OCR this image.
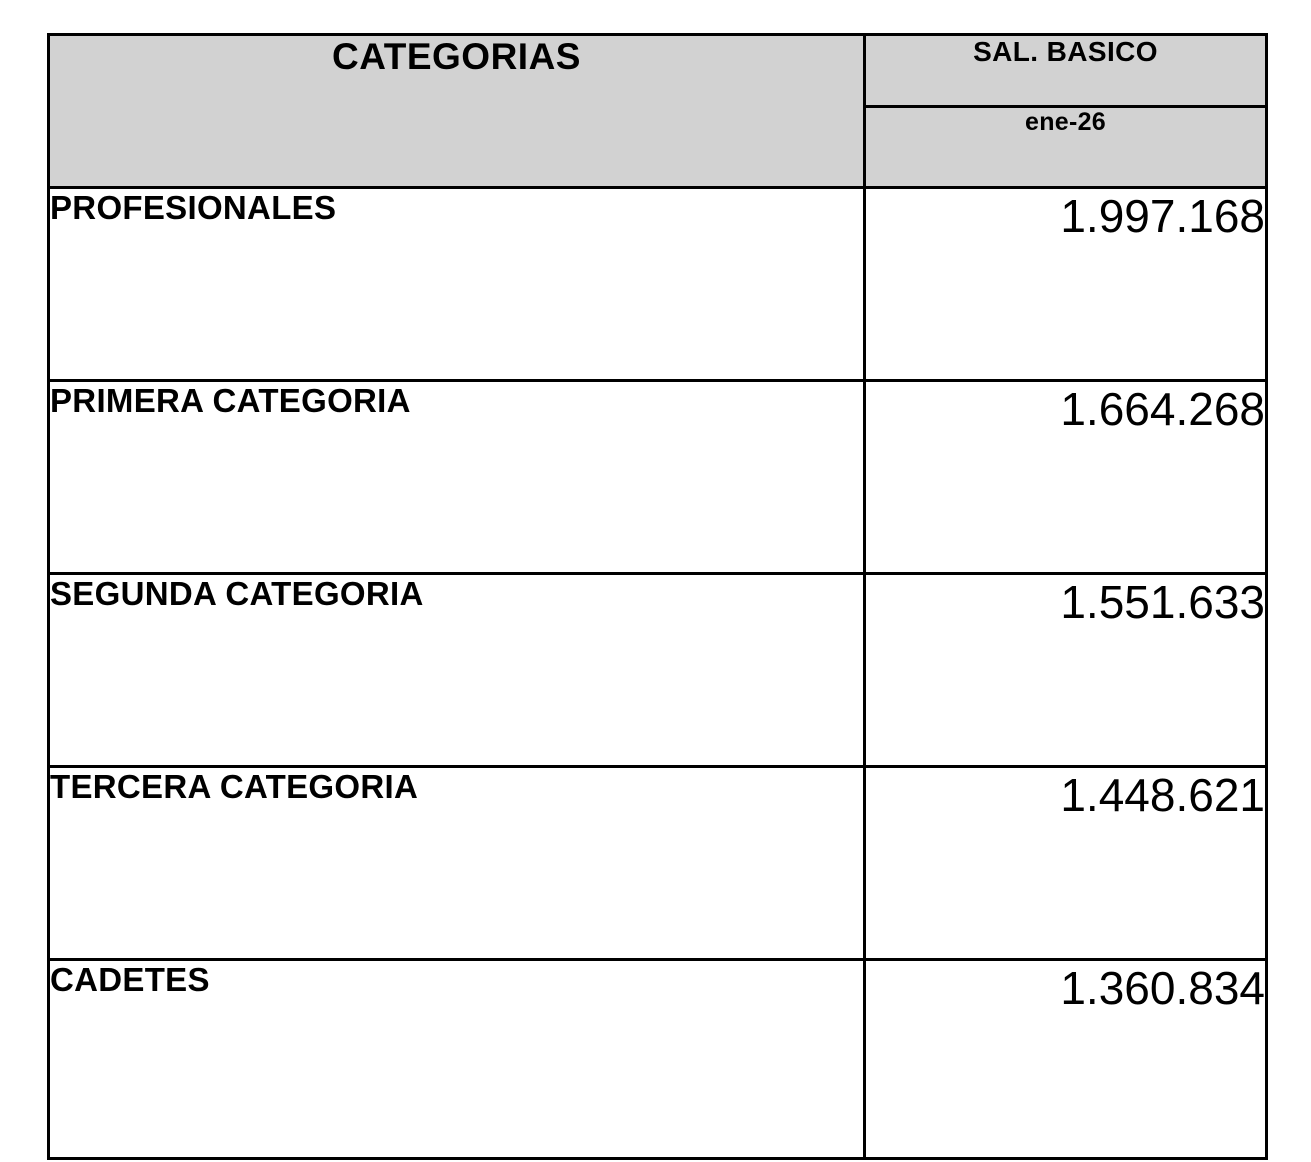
CATEGORIAS	SAL. BASICO
	ene-26
PROFESIONALES	1.997.168
PRIMERA CATEGORIA	1.664.268
SEGUNDA CATEGORIA	1.551.633
TERCERA CATEGORIA	1.448.621
CADETES	1.360.834
